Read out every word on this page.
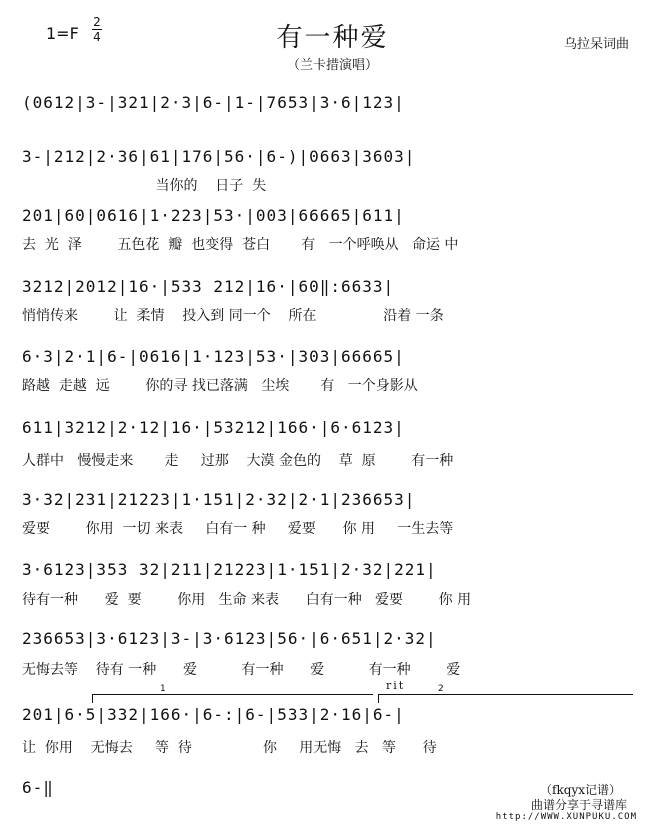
1=F
2
4	有一种爱
（兰卡措演唱）
乌拉呆词曲
(0612|3-|321|2·3|6-|1-|7653|3·6|123|
3-|212|2·36|61|176|56·|6-)|0663|3603|
当你的    日子  失
201|60|0616|1·223|53·|003|66665|611|
去  光  泽        五色花  瓣  也变得  苍白       有   一个呼唤从   命运 中
3212|2012|16·|533 212|16·|60‖:6633|
悄悄传来        让  柔情    投入到 同一个    所在               沿着 一条
6·3|2·1|6-|0616|1·123|53·|303|66665|
路越  走越  远        你的寻 找已落满   尘埃       有   一个身影从
611|3212|2·12|16·|53212|166·|6·6123|
人群中   慢慢走来       走     过那    大漠 金色的    草  原        有一种
3·32|231|21223|1·151|2·32|2·1|236653|
爱要        你用  一切 来表     白有一 种     爱要      你 用     一生去等
3·6123|353 32|211|21223|1·151|2·32|221|
待有一种      爱  要        你用   生命 来表      白有一种   爱要        你 用
236653|3·6123|3-|3·6123|56·|6·651|2·32|
无悔去等    待有 一种      爱          有一种      爱          有一种        爱
1	2
rit
201|6·5|332|166·|6-:|6-|533|2·16|6-|
让  你用    无悔去     等  待                你     用无悔   去   等      待
6-‖	（fkqyx记谱）
曲谱分享于寻谱库
http://WWW.XUNPUKU.COM
